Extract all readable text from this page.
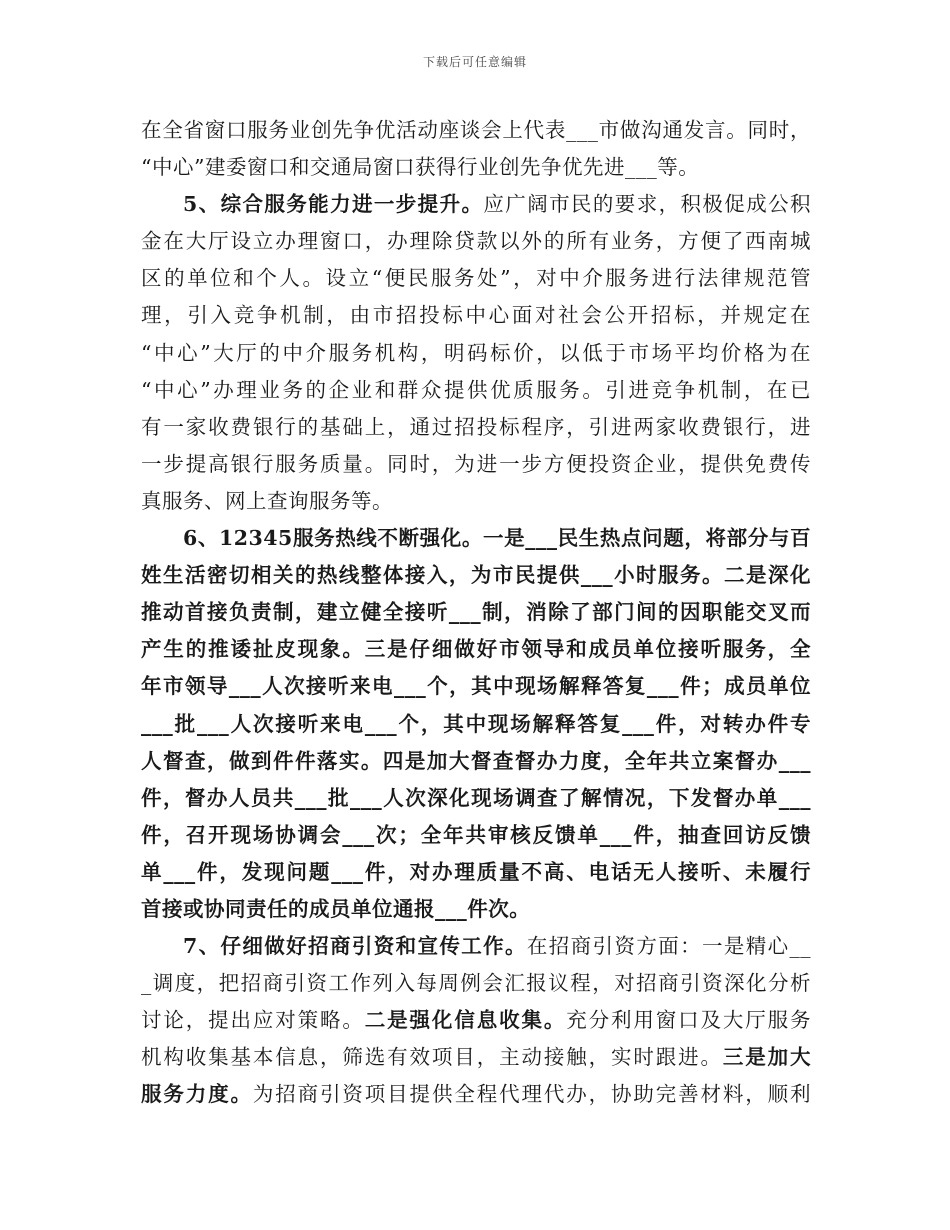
下载后可任意编辑
在全省窗口服务业创先争优活动座谈会上代表___市做沟通发言。同时，
“中心”建委窗口和交通局窗口获得行业创先争优先进___等。
5、综合服务能力进一步提升。应广阔市民的要求，积极促成公积
金在大厅设立办理窗口，办理除贷款以外的所有业务，方便了西南城
区的单位和个人。设立“便民服务处”，对中介服务进行法律规范管
理，引入竞争机制，由市招投标中心面对社会公开招标，并规定在
“中心”大厅的中介服务机构，明码标价，以低于市场平均价格为在
“中心”办理业务的企业和群众提供优质服务。引进竞争机制，在已
有一家收费银行的基础上，通过招投标程序，引进两家收费银行，进
一步提高银行服务质量。同时，为进一步方便投资企业，提供免费传
真服务、网上查询服务等。
6、12345服务热线不断强化。一是___民生热点问题，将部分与百
姓生活密切相关的热线整体接入，为市民提供___小时服务。二是深化
推动首接负责制，建立健全接听___制，消除了部门间的因职能交叉而
产生的推诿扯皮现象。三是仔细做好市领导和成员单位接听服务，全
年市领导___人次接听来电___个，其中现场解释答复___件；成员单位
___批___人次接听来电___个，其中现场解释答复___件，对转办件专
人督查，做到件件落实。四是加大督查督办力度，全年共立案督办___
件，督办人员共___批___人次深化现场调查了解情况，下发督办单___
件，召开现场协调会___次；全年共审核反馈单___件，抽查回访反馈
单___件，发现问题___件，对办理质量不高、电话无人接听、未履行
首接或协同责任的成员单位通报___件次。
7、仔细做好招商引资和宣传工作。在招商引资方面：一是精心__
_调度，把招商引资工作列入每周例会汇报议程，对招商引资深化分析
讨论，提出应对策略。二是强化信息收集。充分利用窗口及大厅服务
机构收集基本信息，筛选有效项目，主动接触，实时跟进。三是加大
服务力度。为招商引资项目提供全程代理代办，协助完善材料，顺利
